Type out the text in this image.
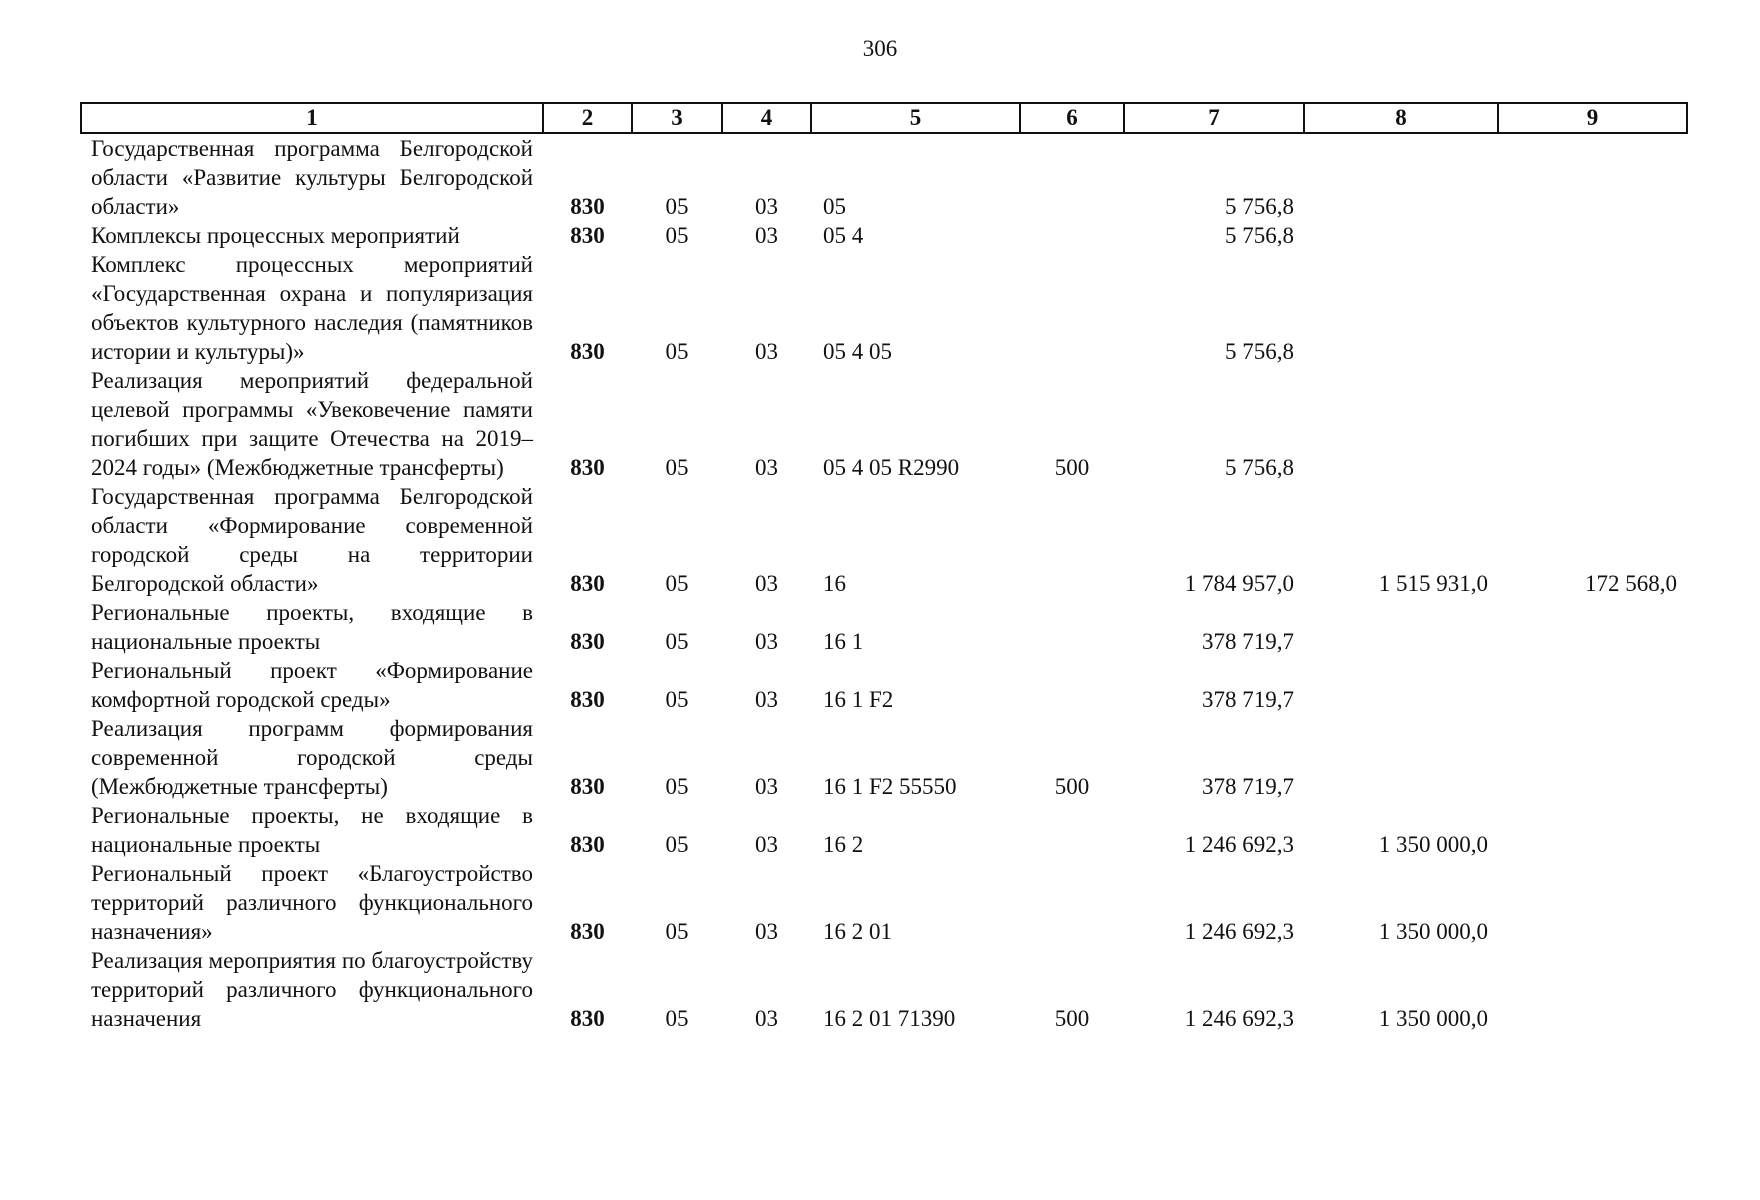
306
1	2	3	4	5	6	7	8	9
Государственная программа Белгородской области «Развитие культуры Белгородской области»	830	05	03	05		5 756,8		
Комплексы процессных мероприятий	830	05	03	05 4		5 756,8		
Комплекс процессных мероприятий «Государственная охрана и популяризация объектов культурного наследия (памятников истории и культуры)»	830	05	03	05 4 05		5 756,8		
Реализация мероприятий федеральной целевой программы «Увековечение памяти погибших при защите Отечества на 2019–2024 годы» (Межбюджетные трансферты)	830	05	03	05 4 05 R2990	500	5 756,8		
Государственная программа Белгородской области «Формирование современной городской среды на территории Белгородской области»	830	05	03	16		1 784 957,0	1 515 931,0	172 568,0
Региональные проекты, входящие в национальные проекты	830	05	03	16 1		378 719,7		
Региональный проект «Формирование комфортной городской среды»	830	05	03	16 1 F2		378 719,7		
Реализация программ формирования современной городской среды (Межбюджетные трансферты)	830	05	03	16 1 F2 55550	500	378 719,7		
Региональные проекты, не входящие в национальные проекты	830	05	03	16 2		1 246 692,3	1 350 000,0	
Региональный проект «Благоустройство территорий различного функционального назначения»	830	05	03	16 2 01		1 246 692,3	1 350 000,0	
Реализация мероприятия по благоустройству территорий различного функционального назначения	830	05	03	16 2 01 71390	500	1 246 692,3	1 350 000,0	
